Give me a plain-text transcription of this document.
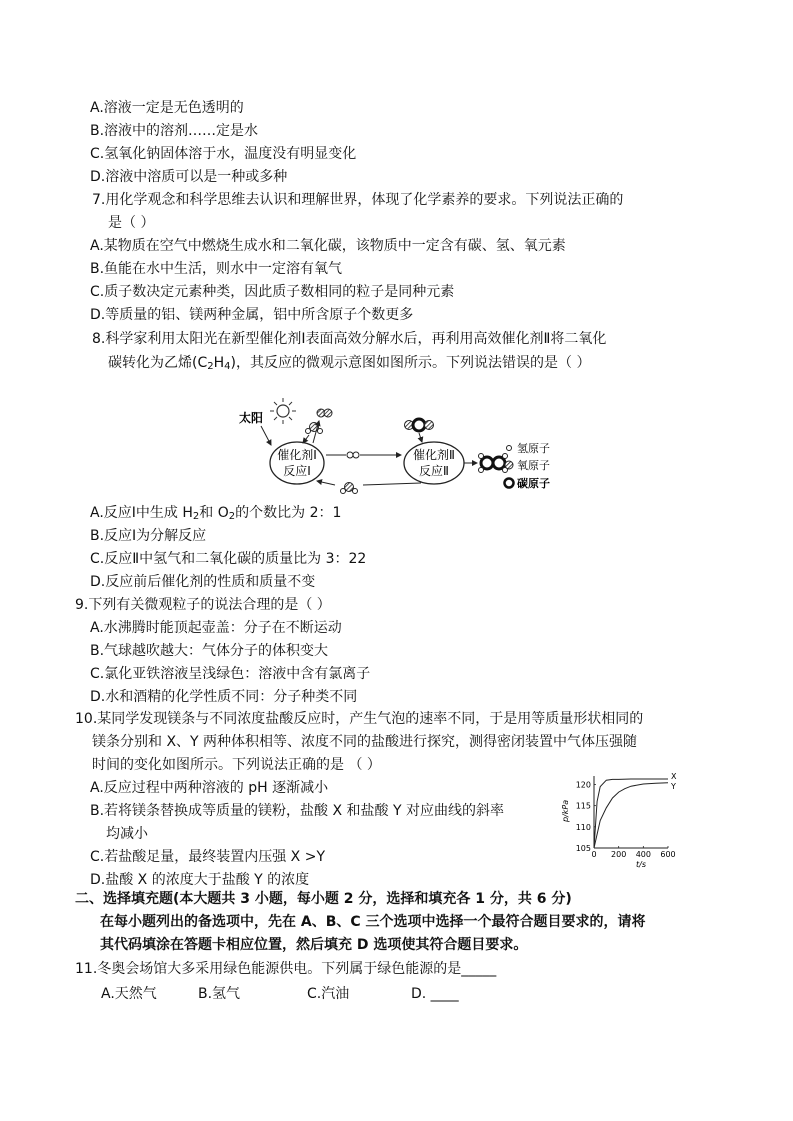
A.溶液一定是无色透明的
B.溶液中的溶剂……定是水
C.氢氧化钠固体溶于水，温度没有明显变化
D.溶液中溶质可以是一种或多种
7.用化学观念和科学思维去认识和理解世界，体现了化学素养的要求。下列说法正确的
是（ ）
A.某物质在空气中燃烧生成水和二氧化碳，该物质中一定含有碳、氢、氧元素
B.鱼能在水中生活，则水中一定溶有氧气
C.质子数决定元素种类，因此质子数相同的粒子是同种元素
D.等质量的铝、镁两种金属，铝中所含原子个数更多
8.科学家利用太阳光在新型催化剂Ⅰ表面高效分解水后，再利用高效催化剂Ⅱ将二氧化
碳转化为乙烯$(C_2H_4)$，其反应的微观示意图如图所示。下列说法错误的是（ ）
太阳
催化剂Ⅰ
反应Ⅰ
催化剂Ⅱ
反应Ⅱ
氢原子
氧原子
碳原子
A.反应Ⅰ中生成 $H_2$和 $O_2$的个数比为 2：1
B.反应Ⅰ为分解反应
C.反应Ⅱ中氢气和二氧化碳的质量比为 3：22
D.反应前后催化剂的性质和质量不变
9.下列有关微观粒子的说法合理的是（ ）
A.水沸腾时能顶起壶盖：分子在不断运动
B.气球越吹越大：气体分子的体积变大
C.氯化亚铁溶液呈浅绿色：溶液中含有氯离子
D.水和酒精的化学性质不同：分子种类不同
10.某同学发现镁条与不同浓度盐酸反应时，产生气泡的速率不同，于是用等质量形状相同的
镁条分别和 X、Y 两种体积相等、浓度不同的盐酸进行探究，测得密闭装置中气体压强随
时间的变化如图所示。下列说法正确的是 （ ）
A.反应过程中两种溶液的 pH 逐渐减小
B.若将镁条替换成等质量的镁粉，盐酸 X 和盐酸 Y 对应曲线的斜率
均减小
C.若盐酸足量，最终装置内压强 X >Y
D.盐酸 X 的浓度大于盐酸 Y 的浓度
105
110
115
120
0 200 400 600
X
Y
p/kPa
t/s
二、选择填充题(本大题共 3 小题，每小题 2 分，选择和填充各 1 分，共 6 分)
在每小题列出的备选项中，先在 A、B、C 三个选项中选择一个最符合题目要求的，请将
其代码填涂在答题卡相应位置，然后填充 D 选项使其符合题目要求。
11.冬奥会场馆大多采用绿色能源供电。下列属于绿色能源的是_____
A.天然气	B.氢气	C.汽油	D. ____
